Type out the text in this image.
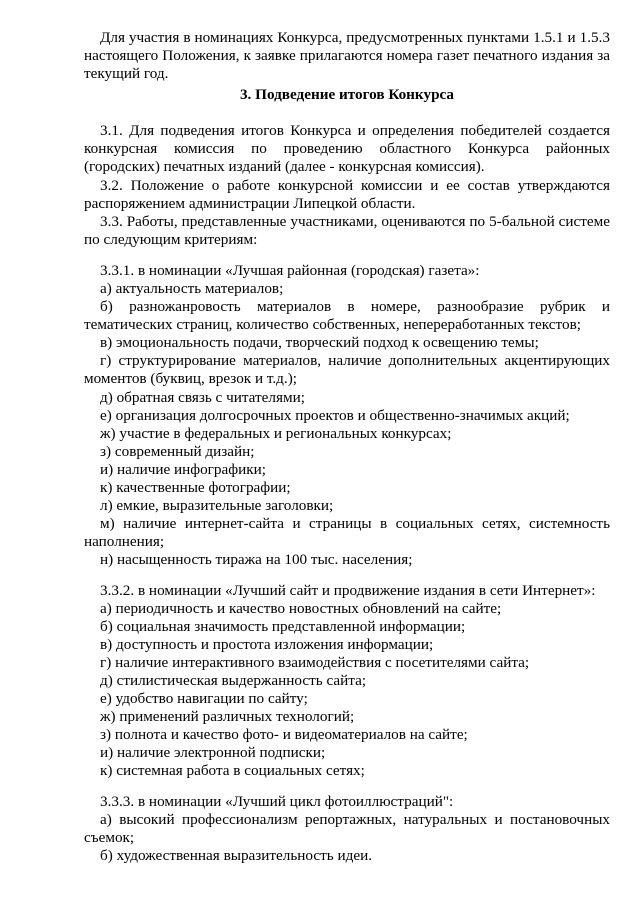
Для участия в номинациях Конкурса, предусмотренных пунктами 1.5.1 и 1.5.3 настоящего Положения, к заявке прилагаются номера газет печатного издания за текущий год.

3. Подведение итогов Конкурса

3.1. Для подведения итогов Конкурса и определения победителей создается конкурсная комиссия по проведению областного Конкурса районных (городских) печатных изданий (далее - конкурсная комиссия).

3.2. Положение о работе конкурсной комиссии и ее состав утверждаются распоряжением администрации Липецкой области.

3.3. Работы, представленные участниками, оцениваются по 5-бальной системе по следующим критериям:

3.3.1. в номинации «Лучшая районная (городская) газета»:

а) актуальность материалов;

б) разножанровость материалов в номере, разнообразие рубрик и тематических страниц, количество собственных, непереработанных текстов;

в) эмоциональность подачи, творческий подход к освещению темы;

г) структурирование материалов, наличие дополнительных акцентирующих моментов (буквиц, врезок и т.д.);

д) обратная связь с читателями;

е) организация долгосрочных проектов и общественно-значимых акций;

ж) участие в федеральных и региональных конкурсах;

з) современный дизайн;

и) наличие инфографики;

к) качественные фотографии;

л) емкие, выразительные заголовки;

м) наличие интернет-сайта и страницы в социальных сетях, системность наполнения;

н) насыщенность тиража на 100 тыс. населения;

3.3.2. в номинации «Лучший сайт и продвижение издания в сети Интернет»:

а) периодичность и качество новостных обновлений на сайте;

б) социальная значимость представленной информации;

в) доступность и простота изложения информации;

г) наличие интерактивного взаимодействия с посетителями сайта;

д) стилистическая выдержанность сайта;

е) удобство навигации по сайту;

ж) применений различных технологий;

з) полнота и качество фото- и видеоматериалов на сайте;

и) наличие электронной подписки;

к) системная работа в социальных сетях;

3.3.3. в номинации «Лучший цикл фотоиллюстраций":

а) высокий профессионализм репортажных, натуральных и постановочных съемок;

б) художественная выразительность идеи.
